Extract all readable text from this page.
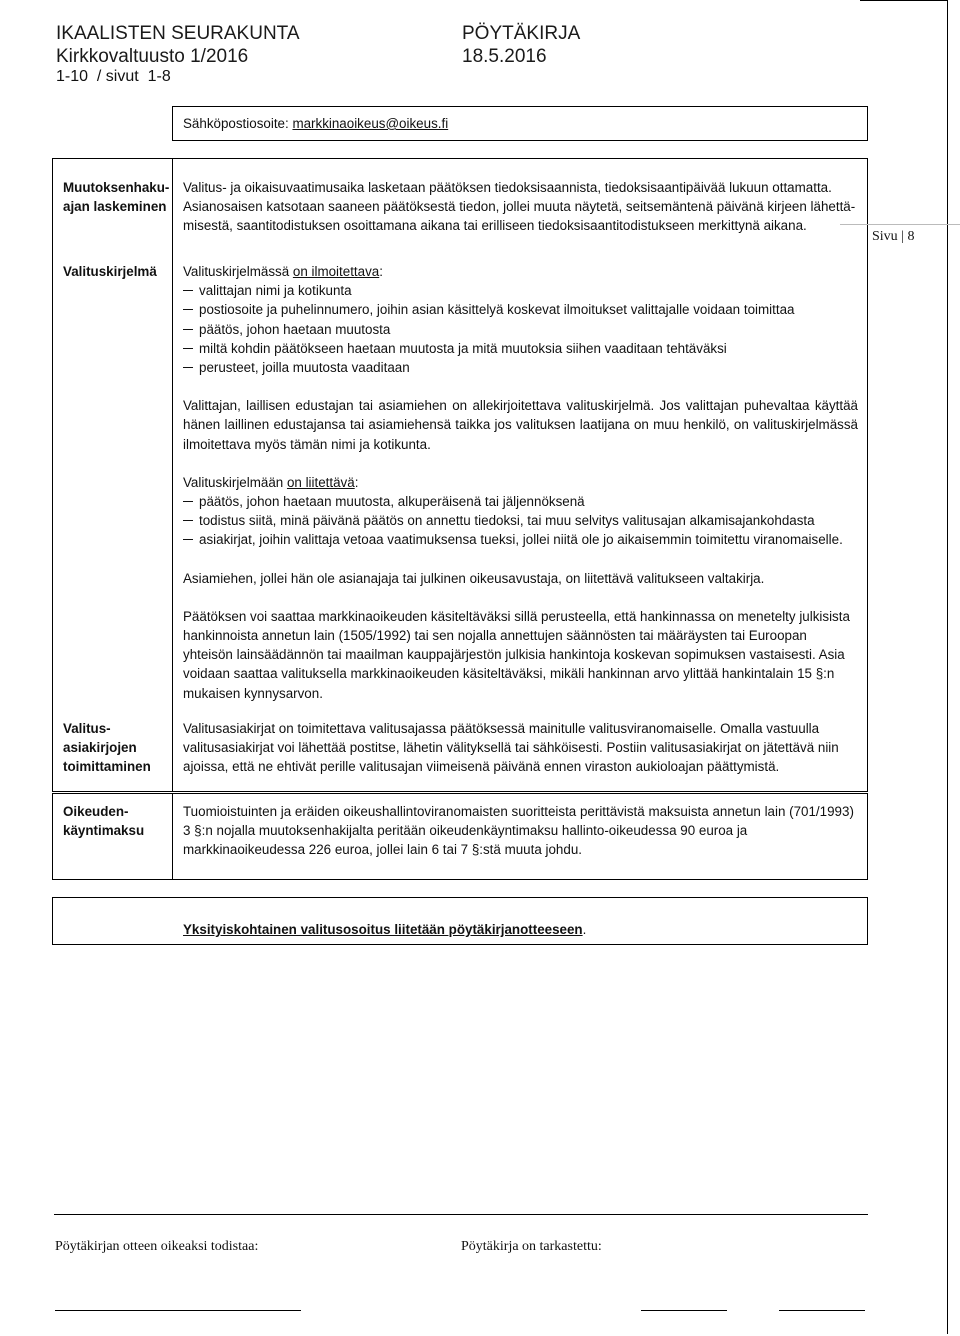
IKAALISTEN SEURAKUNTA	PÖYTÄKIRJA
Kirkkovaltuusto 1/2016	18.5.2016
1-10  / sivut  1-8
Sähköpostiosoite: markkinaoikeus@oikeus.fi
Sivu | 8
Muutoksenhaku-
ajan laskeminen
Valitus- ja oikaisuvaatimusaika lasketaan päätöksen tiedoksisaannista, tiedoksisaantipäivää lukuun ottamatta.
Asianosaisen katsotaan saaneen päätöksestä tiedon, jollei muuta näytetä, seitsemäntenä päivänä kirjeen lähettä-
misestä, saantitodistuksen osoittamana aikana tai erilliseen tiedoksisaantitodistukseen merkittynä aikana.
Valituskirjelmä Valituskirjelmässä on ilmoitettava:

valittajan nimi ja kotikunta
postiosoite ja puhelinnumero, joihin asian käsittelyä koskevat ilmoitukset valittajalle voidaan toimittaa
päätös, johon haetaan muutosta
miltä kohdin päätökseen haetaan muutosta ja mitä muutoksia siihen vaaditaan tehtäväksi
perusteet, joilla muutosta vaaditaan

Valittajan, laillisen edustajan tai asiamiehen on allekirjoitettava valituskirjelmä. Jos valittajan puhevaltaa käyttää hänen laillinen edustajansa tai asiamiehensä taikka jos valituksen laatijana on muu henkilö, on valituskirjelmässä ilmoitettava myös tämän nimi ja kotikunta.

Valituskirjelmään on liitettävä:

päätös, johon haetaan muutosta, alkuperäisenä tai jäljennöksenä
todistus siitä, minä päivänä päätös on annettu tiedoksi, tai muu selvitys valitusajan alkamisajankohdasta
asiakirjat, joihin valittaja vetoaa vaatimuksensa tueksi, jollei niitä ole jo aikaisemmin toimitettu viranomaiselle.

Asiamiehen, jollei hän ole asianajaja tai julkinen oikeusavustaja, on liitettävä valitukseen valtakirja.

Päätöksen voi saattaa markkinaoikeuden käsiteltäväksi sillä perusteella, että hankinnassa on menetelty julkisista hankinnoista annetun lain (1505/1992) tai sen nojalla annettujen säännösten tai määräysten tai Euroopan yhteisön lainsäädännön tai maailman kauppajärjestön julkisia hankintoja koskevan sopimuksen vastaisesti. Asia voidaan saattaa valituksella markkinaoikeuden käsiteltäväksi, mikäli hankinnan arvo ylittää hankintalain 15 §:n mukaisen kynnysarvon.

Valitus-
asiakirjojen
toimittaminen
Valitusasiakirjat on toimitettava valitusajassa päätöksessä mainitulle valitusviranomaiselle. Omalla vastuulla valitusasiakirjat voi lähettää postitse, lähetin välityksellä tai sähköisesti. Postiin valitusasiakirjat on jätettävä niin ajoissa, että ne ehtivät perille valitusajan viimeisenä päivänä ennen viraston aukioloajan päättymistä.
Oikeuden-
käyntimaksu
Tuomioistuinten ja eräiden oikeushallintoviranomaisten suoritteista perittävistä maksuista annetun lain (701/1993) 3 §:n nojalla muutoksenhakijalta peritään oikeudenkäyntimaksu hallinto-oikeudessa 90 euroa ja markkinaoikeudessa 226 euroa, jollei lain 6 tai 7 §:stä muuta johdu.
Yksityiskohtainen valitusosoitus liitetään pöytäkirjanotteeseen.
Pöytäkirjan otteen oikeaksi todistaa:	Pöytäkirja on tarkastettu:
